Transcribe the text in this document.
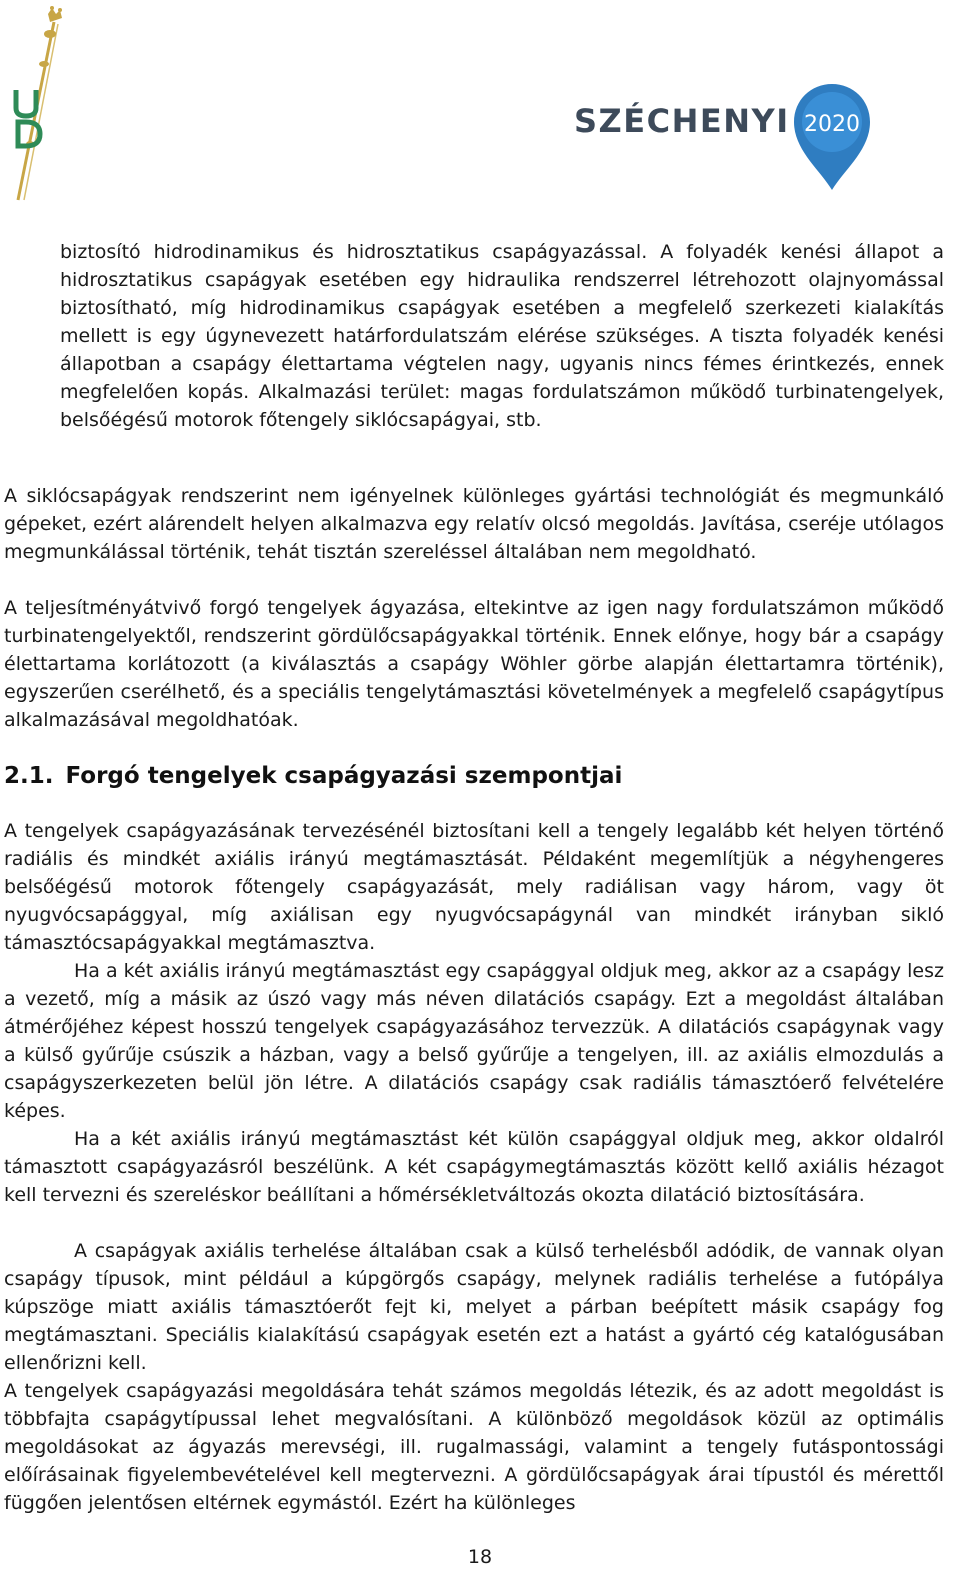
SZÉCHENYI 2020

biztosító hidrodinamikus és hidrosztatikus csapágyazással. A folyadék kenési állapot a hidrosztatikus csapágyak esetében egy hidraulika rendszerrel létrehozott olajnyomással biztosítható, míg hidrodinamikus csapágyak esetében a megfelelő szerkezeti kialakítás mellett is egy úgynevezett határfordulatszám elérése szükséges. A tiszta folyadék kenési állapotban a csapágy élettartama végtelen nagy, ugyanis nincs fémes érintkezés, ennek megfelelően kopás. Alkalmazási terület: magas fordulatszámon működő turbinatengelyek, belsőégésű motorok főtengely siklócsapágyai, stb.

A siklócsapágyak rendszerint nem igényelnek különleges gyártási technológiát és megmunkáló gépeket, ezért alárendelt helyen alkalmazva egy relatív olcsó megoldás. Javítása, cseréje utólagos megmunkálással történik, tehát tisztán szereléssel általában nem megoldható.

A teljesítményátvivő forgó tengelyek ágyazása, eltekintve az igen nagy fordulatszámon működő turbinatengelyektől, rendszerint gördülőcsapágyakkal történik. Ennek előnye, hogy bár a csapágy élettartama korlátozott (a kiválasztás a csapágy Wöhler görbe alapján élettartamra történik), egyszerűen cserélhető, és a speciális tengelytámasztási követelmények a megfelelő csapágytípus alkalmazásával megoldhatóak.

2.1. Forgó tengelyek csapágyazási szempontjai

A tengelyek csapágyazásának tervezésénél biztosítani kell a tengely legalább két helyen történő radiális és mindkét axiális irányú megtámasztását. Példaként megemlítjük a négyhengeres belsőégésű motorok főtengely csapágyazását, mely radiálisan vagy három, vagy öt nyugvócsapággyal, míg axiálisan egy nyugvócsapágynál van mindkét irányban sikló támasztócsapágyakkal megtámasztva.

Ha a két axiális irányú megtámasztást egy csapággyal oldjuk meg, akkor az a csapágy lesz a vezető, míg a másik az úszó vagy más néven dilatációs csapágy. Ezt a megoldást általában átmérőjéhez képest hosszú tengelyek csapágyazásához tervezzük. A dilatációs csapágynak vagy a külső gyűrűje csúszik a házban, vagy a belső gyűrűje a tengelyen, ill. az axiális elmozdulás a csapágyszerkezeten belül jön létre. A dilatációs csapágy csak radiális támasztóerő felvételére képes.

Ha a két axiális irányú megtámasztást két külön csapággyal oldjuk meg, akkor oldalról támasztott csapágyazásról beszélünk. A két csapágymegtámasztás között kellő axiális hézagot kell tervezni és szereléskor beállítani a hőmérsékletváltozás okozta dilatáció biztosítására.

A csapágyak axiális terhelése általában csak a külső terhelésből adódik, de vannak olyan csapágy típusok, mint például a kúpgörgős csapágy, melynek radiális terhelése a futópálya kúpszöge miatt axiális támasztóerőt fejt ki, melyet a párban beépített másik csapágy fog megtámasztani. Speciális kialakítású csapágyak esetén ezt a hatást a gyártó cég katalógusában ellenőrizni kell.

A tengelyek csapágyazási megoldására tehát számos megoldás létezik, és az adott megoldást is többfajta csapágytípussal lehet megvalósítani. A különböző megoldások közül az optimális megoldásokat az ágyazás merevségi, ill. rugalmassági, valamint a tengely futáspontossági előírásainak figyelembevételével kell megtervezni. A gördülőcsapágyak árai típustól és mérettől függően jelentősen eltérnek egymástól. Ezért ha különleges

18
